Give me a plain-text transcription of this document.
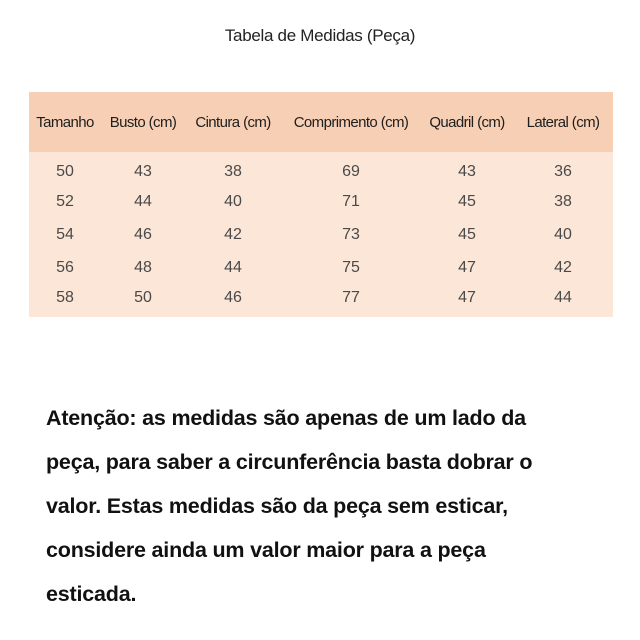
Tabela de Medidas (Peça)
Tamanho	Busto (cm)	Cintura (cm)	Comprimento (cm)	Quadril (cm)	Lateral (cm)
50	43	38	69	43	36
52	44	40	71	45	38
54	46	42	73	45	40
56	48	44	75	47	42
58	50	46	77	47	44
Atenção: as medidas são apenas de um lado da
peça, para saber a circunferência basta dobrar o
valor. Estas medidas são da peça sem esticar,
considere ainda um valor maior para a peça
esticada.
